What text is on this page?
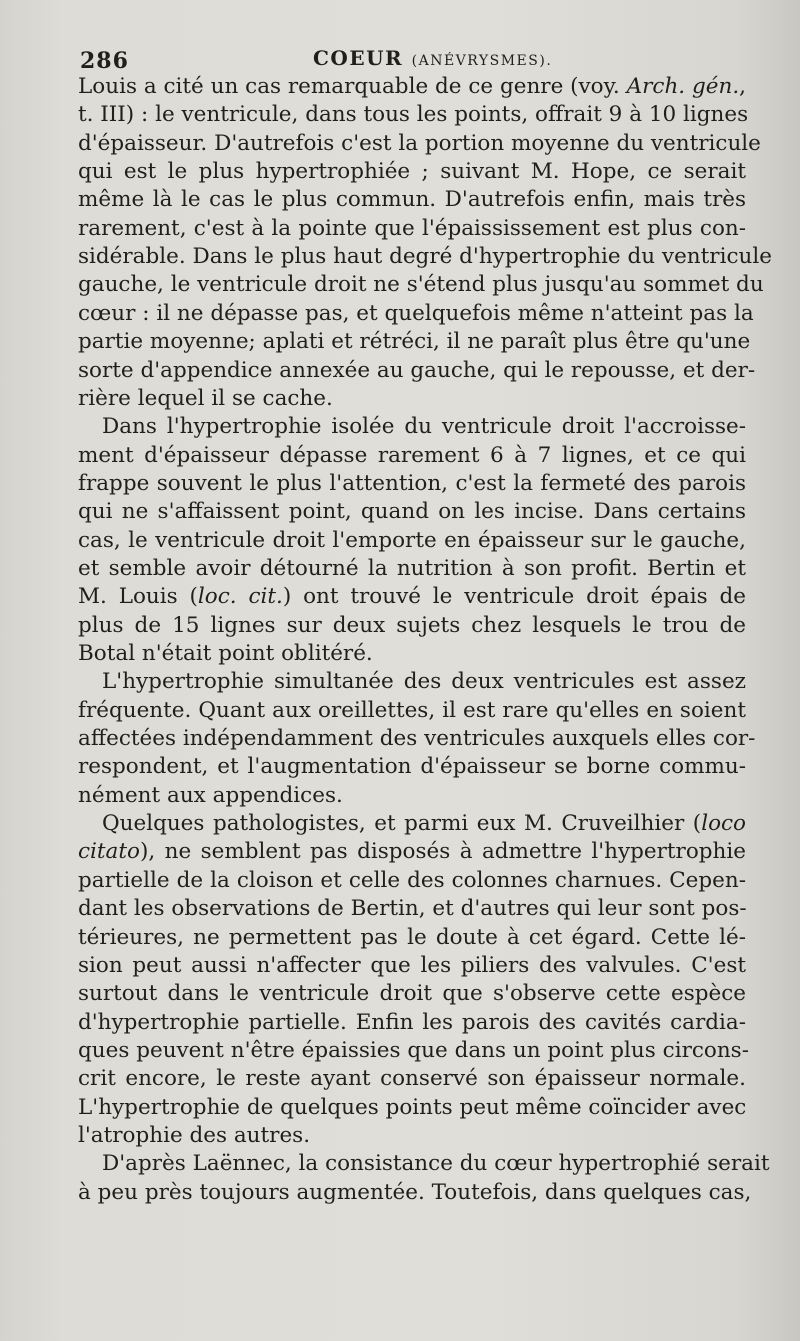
286	COEUR (ANÉVRYSMES).
Louis a cité un cas remarquable de ce genre (voy. Arch. gén.,
t. III) : le ventricule, dans tous les points, offrait 9 à 10 lignes
d'épaisseur. D'autrefois c'est la portion moyenne du ventricule
qui est le plus hypertrophiée ; suivant M. Hope, ce serait
même là le cas le plus commun. D'autrefois enfin, mais très
rarement, c'est à la pointe que l'épaississement est plus con-
sidérable. Dans le plus haut degré d'hypertrophie du ventricule
gauche, le ventricule droit ne s'étend plus jusqu'au sommet du
cœur : il ne dépasse pas, et quelquefois même n'atteint pas la
partie moyenne; aplati et rétréci, il ne paraît plus être qu'une
sorte d'appendice annexée au gauche, qui le repousse, et der-
rière lequel il se cache.
Dans l'hypertrophie isolée du ventricule droit l'accroisse-
ment d'épaisseur dépasse rarement 6 à 7 lignes, et ce qui
frappe souvent le plus l'attention, c'est la fermeté des parois
qui ne s'affaissent point, quand on les incise. Dans certains
cas, le ventricule droit l'emporte en épaisseur sur le gauche,
et semble avoir détourné la nutrition à son profit. Bertin et
M. Louis (loc. cit.) ont trouvé le ventricule droit épais de
plus de 15 lignes sur deux sujets chez lesquels le trou de
Botal n'était point oblitéré.
L'hypertrophie simultanée des deux ventricules est assez
fréquente. Quant aux oreillettes, il est rare qu'elles en soient
affectées indépendamment des ventricules auxquels elles cor-
respondent, et l'augmentation d'épaisseur se borne commu-
nément aux appendices.
Quelques pathologistes, et parmi eux M. Cruveilhier (loco
citato), ne semblent pas disposés à admettre l'hypertrophie
partielle de la cloison et celle des colonnes charnues. Cepen-
dant les observations de Bertin, et d'autres qui leur sont pos-
térieures, ne permettent pas le doute à cet égard. Cette lé-
sion peut aussi n'affecter que les piliers des valvules. C'est
surtout dans le ventricule droit que s'observe cette espèce
d'hypertrophie partielle. Enfin les parois des cavités cardia-
ques peuvent n'être épaissies que dans un point plus circons-
crit encore, le reste ayant conservé son épaisseur normale.
L'hypertrophie de quelques points peut même coïncider avec
l'atrophie des autres.
D'après Laënnec, la consistance du cœur hypertrophié serait
à peu près toujours augmentée. Toutefois, dans quelques cas,
